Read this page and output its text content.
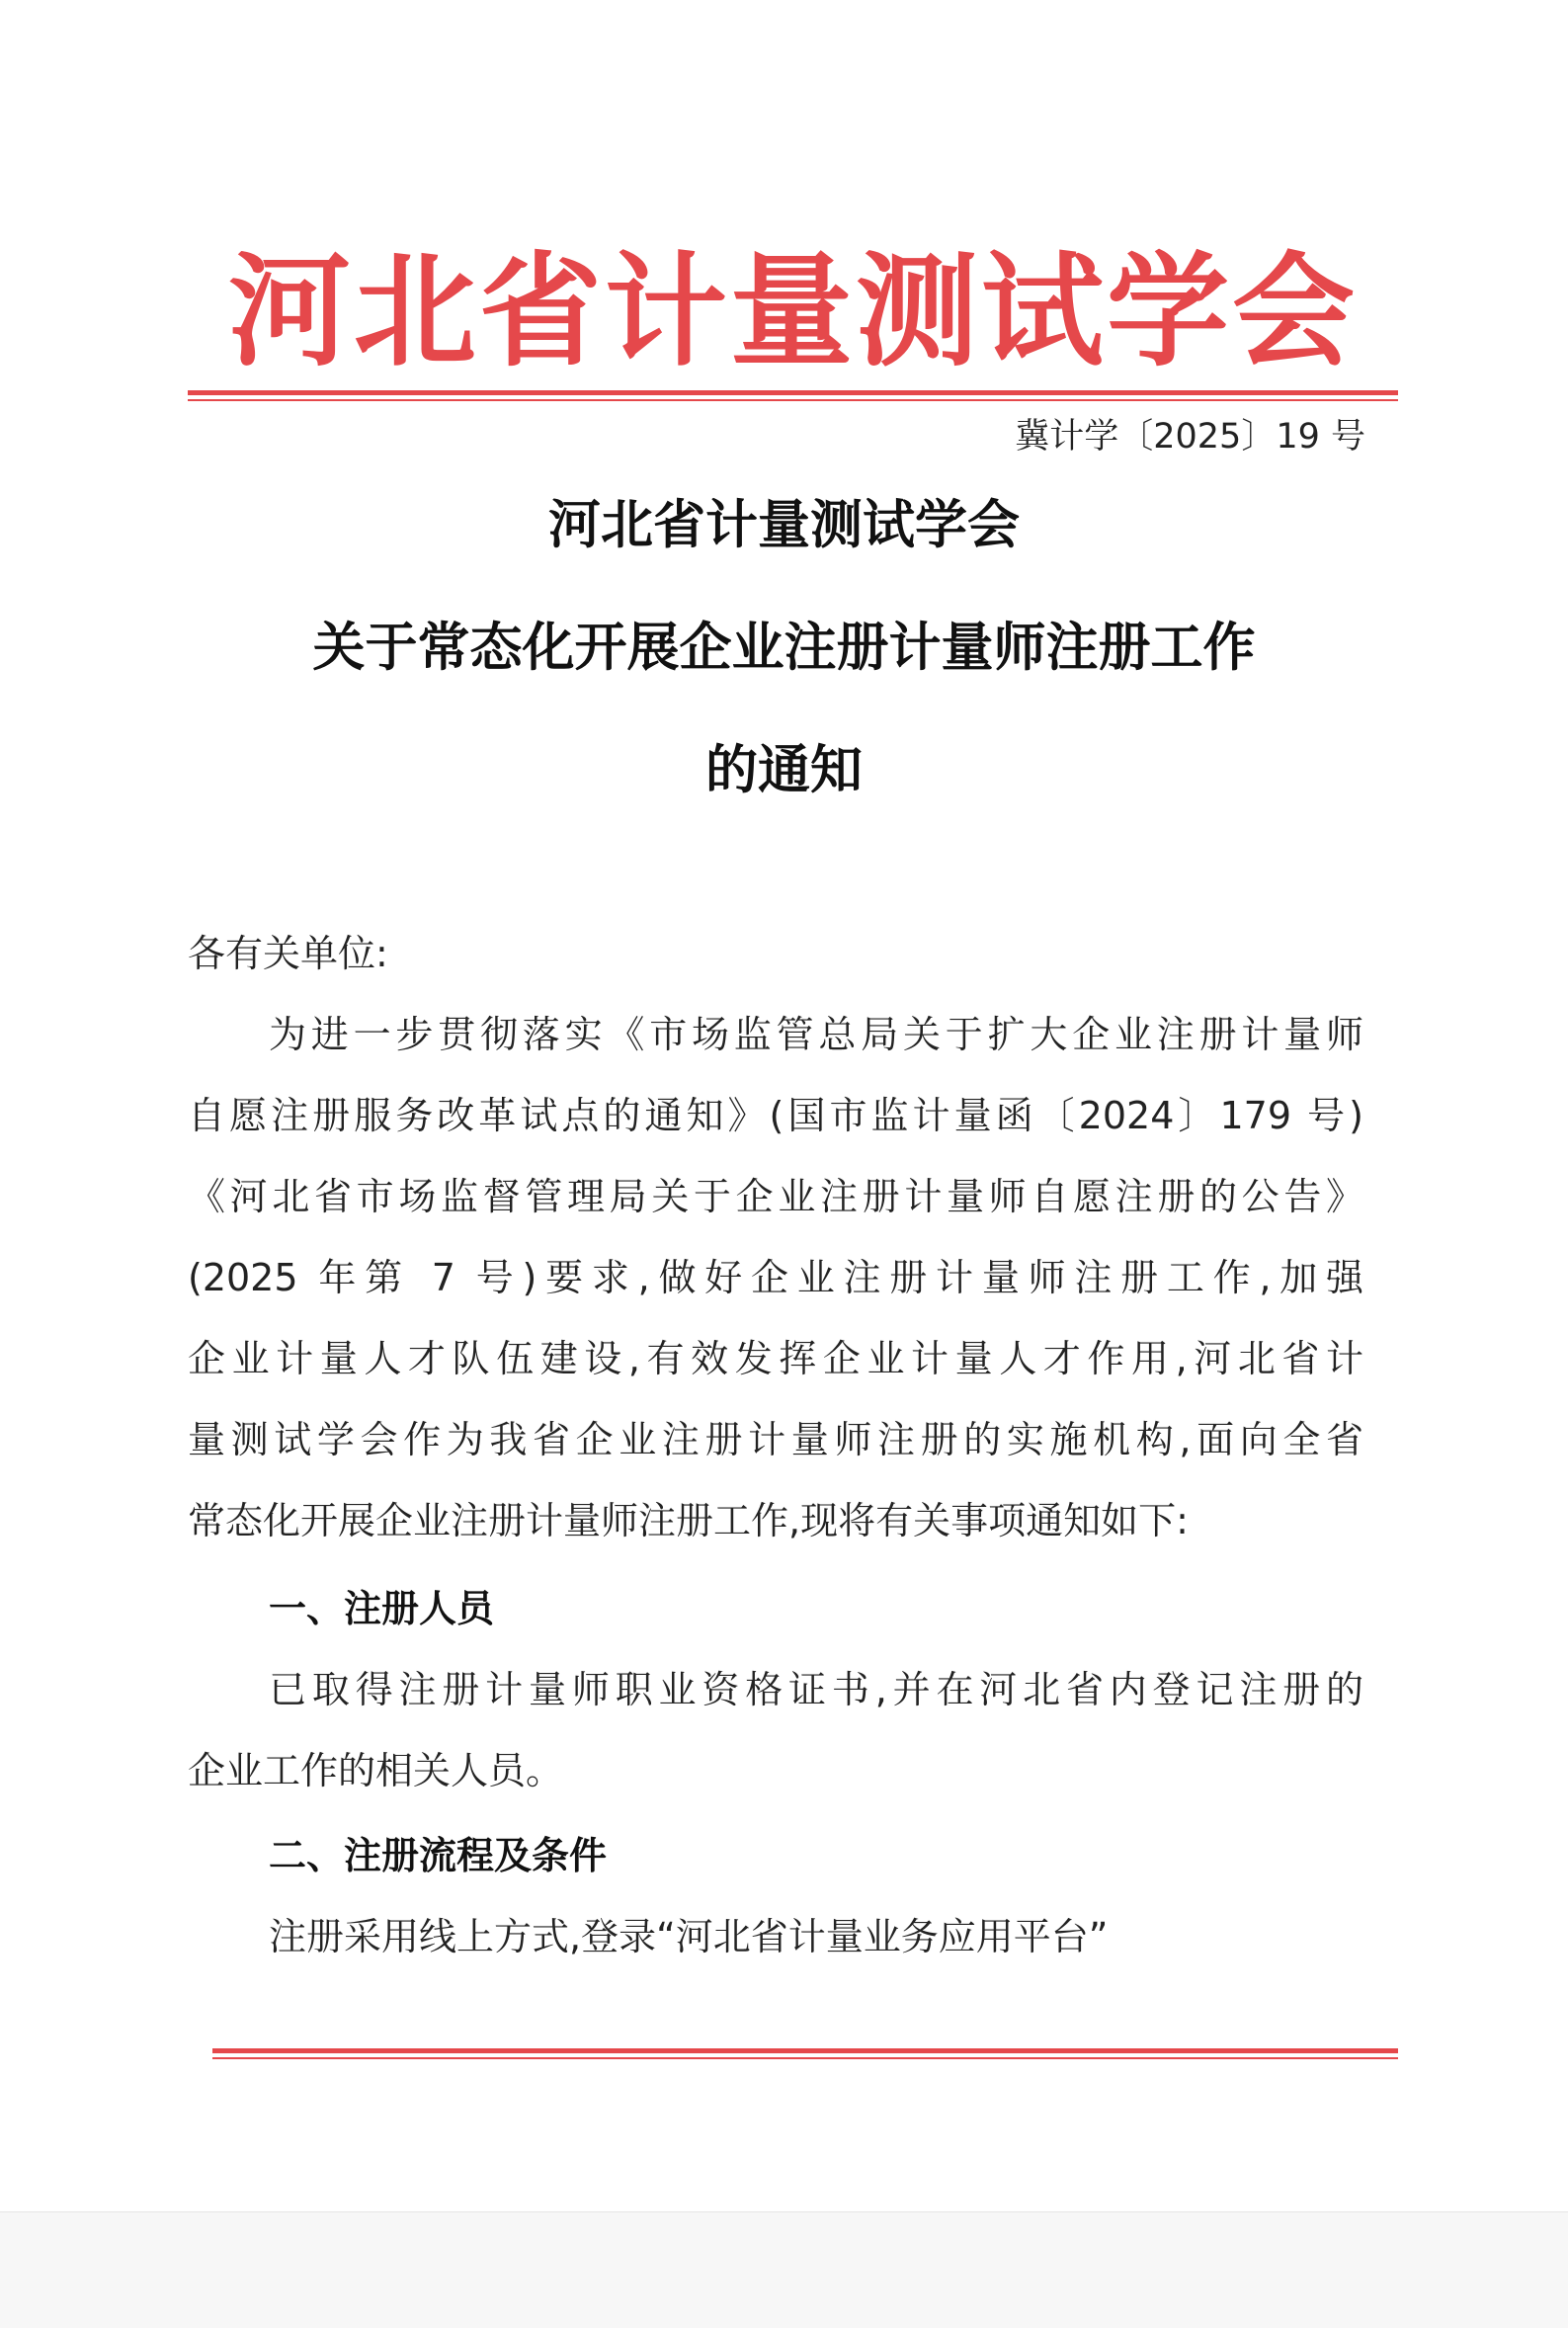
河北省计量测试学会
冀计学〔2025〕19 号
河北省计量测试学会
关于常态化开展企业注册计量师注册工作
的通知
各有关单位:
为进一步贯彻落实《市场监管总局关于扩大企业注册计量师
自愿注册服务改革试点的通知》(国市监计量函〔2024〕179 号)
《河北省市场监督管理局关于企业注册计量师自愿注册的公告》
(2025 年第 7 号)要求,做好企业注册计量师注册工作,加强
企业计量人才队伍建设,有效发挥企业计量人才作用,河北省计
量测试学会作为我省企业注册计量师注册的实施机构,面向全省
常态化开展企业注册计量师注册工作,现将有关事项通知如下:
一、注册人员
已取得注册计量师职业资格证书,并在河北省内登记注册的
企业工作的相关人员。
二、注册流程及条件
注册采用线上方式,登录“河北省计量业务应用平台”
